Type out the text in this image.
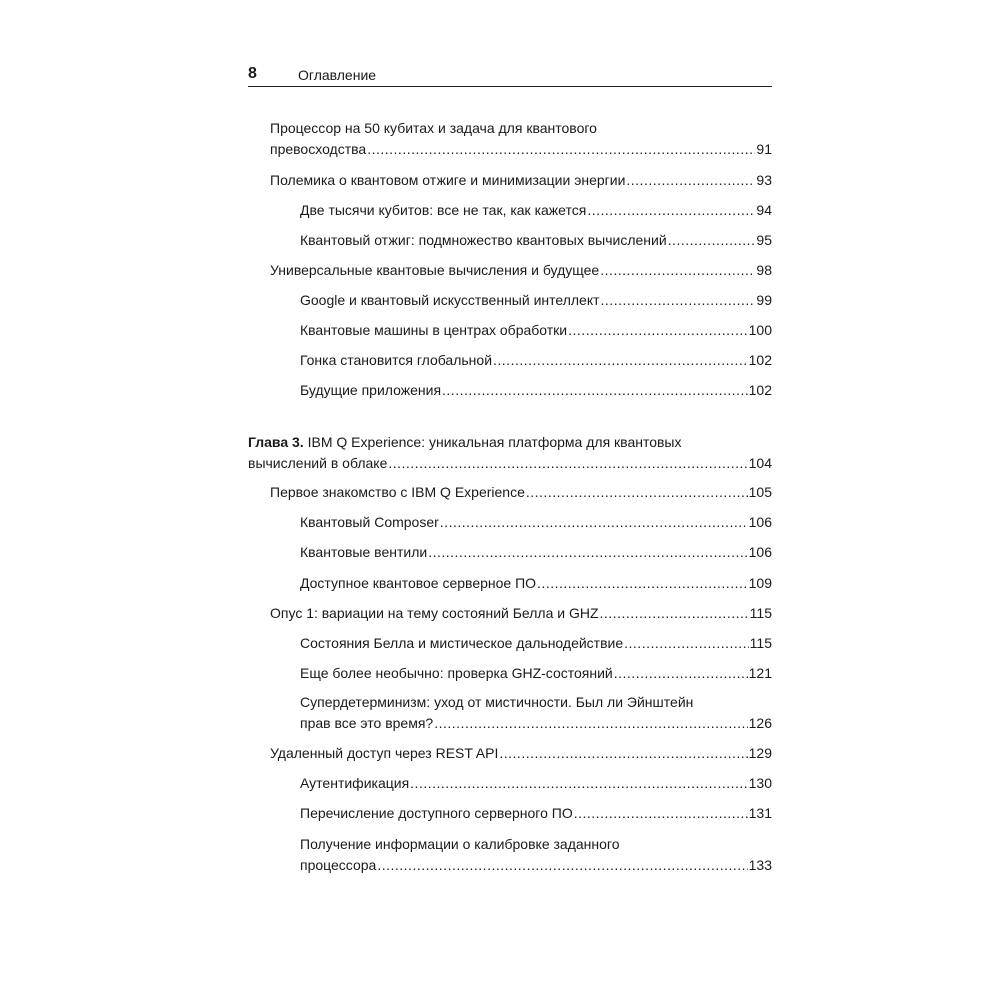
8	Оглавление
Процессор на 50 кубитах и задача для квантового
превосходства .....	91
Полемика о квантовом отжиге и минимизации энергии .....	93
Две тысячи кубитов: все не так, как кажется .....	94
Квантовый отжиг: подмножество квантовых вычислений .....	95
Универсальные квантовые вычисления и будущее .....	98
Google и квантовый искусственный интеллект .....	99
Квантовые машины в центрах обработки .....	100
Гонка становится глобальной .....	102
Будущие приложения .....	102
Глава 3. IBM Q Experience: уникальная платформа для квантовых
вычислений в облаке .....	104
Первое знакомство с IBM Q Experience .....	105
Квантовый Composer .....	106
Квантовые вентили .....	106
Доступное квантовое серверное ПО .....	109
Опус 1: вариации на тему состояний Белла и GHZ .....	115
Состояния Белла и мистическое дальнодействие .....	115
Еще более необычно: проверка GHZ-состояний .....	121
Супердетерминизм: уход от мистичности. Был ли Эйнштейн
прав все это время? .....	126
Удаленный доступ через REST API .....	129
Аутентификация .....	130
Перечисление доступного серверного ПО .....	131
Получение информации о калибровке заданного
процессора .....	133
